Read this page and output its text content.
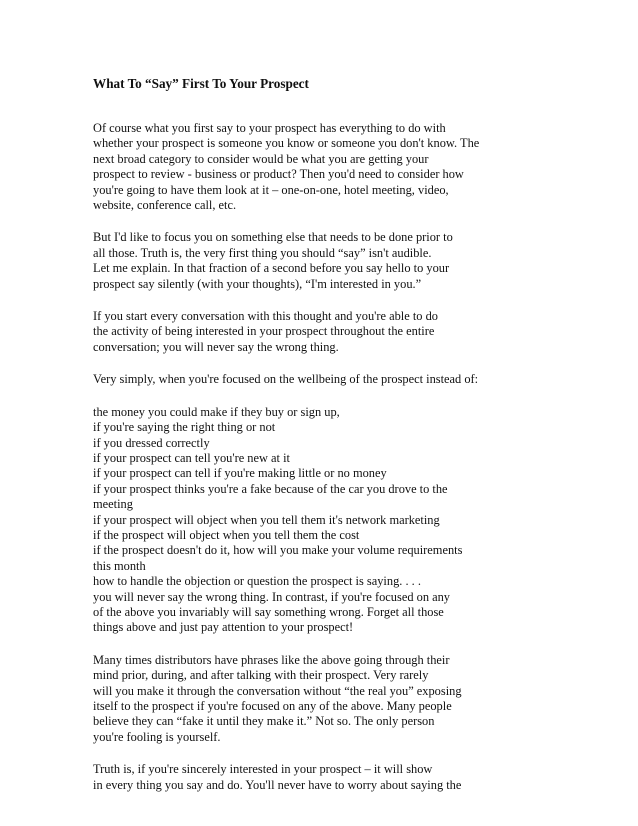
What To “Say” First To Your Prospect
Of course what you first say to your prospect has everything to do with
whether your prospect is someone you know or someone you don't know. The
next broad category to consider would be what you are getting your
prospect to review - business or product? Then you'd need to consider how
you're going to have them look at it – one-on-one, hotel meeting, video,
website, conference call, etc.
But I'd like to focus you on something else that needs to be done prior to
all those. Truth is, the very first thing you should “say” isn't audible.
Let me explain. In that fraction of a second before you say hello to your
prospect say silently (with your thoughts), “I'm interested in you.”
If you start every conversation with this thought and you're able to do
the activity of being interested in your prospect throughout the entire
conversation; you will never say the wrong thing.
Very simply, when you're focused on the wellbeing of the prospect instead of:
the money you could make if they buy or sign up,
if you're saying the right thing or not
if you dressed correctly
if your prospect can tell you're new at it
if your prospect can tell if you're making little or no money
if your prospect thinks you're a fake because of the car you drove to the
meeting
if your prospect will object when you tell them it's network marketing
if the prospect will object when you tell them the cost
if the prospect doesn't do it, how will you make your volume requirements
this month
how to handle the objection or question the prospect is saying. . . .
you will never say the wrong thing. In contrast, if you're focused on any
of the above you invariably will say something wrong. Forget all those
things above and just pay attention to your prospect!
Many times distributors have phrases like the above going through their
mind prior, during, and after talking with their prospect. Very rarely
will you make it through the conversation without “the real you” exposing
itself to the prospect if you're focused on any of the above. Many people
believe they can “fake it until they make it.” Not so. The only person
you're fooling is yourself.
Truth is, if you're sincerely interested in your prospect – it will show
in every thing you say and do. You'll never have to worry about saying the
